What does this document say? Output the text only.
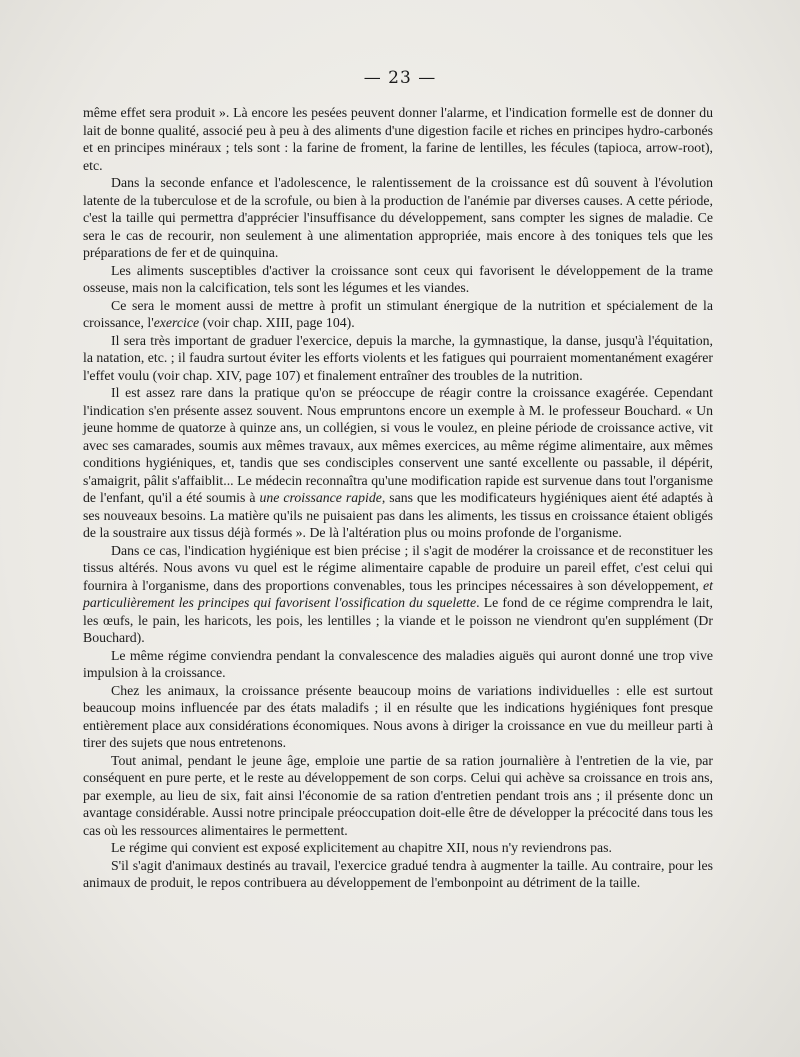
— 23 —

même effet sera produit ». Là encore les pesées peuvent donner l'alarme, et l'indication formelle est de donner du lait de bonne qualité, associé peu à peu à des aliments d'une digestion facile et riches en principes hydro-carbonés et en principes minéraux ; tels sont : la farine de froment, la farine de lentilles, les fécules (tapioca, arrow-root), etc.

Dans la seconde enfance et l'adolescence, le ralentissement de la croissance est dû souvent à l'évolution latente de la tuberculose et de la scrofule, ou bien à la production de l'anémie par diverses causes. A cette période, c'est la taille qui permettra d'apprécier l'insuffisance du développement, sans compter les signes de maladie. Ce sera le cas de recourir, non seulement à une alimentation appropriée, mais encore à des toniques tels que les préparations de fer et de quinquina.

Les aliments susceptibles d'activer la croissance sont ceux qui favorisent le développement de la trame osseuse, mais non la calcification, tels sont les légumes et les viandes.

Ce sera le moment aussi de mettre à profit un stimulant énergique de la nutrition et spécialement de la croissance, l'exercice (voir chap. XIII, page 104).

Il sera très important de graduer l'exercice, depuis la marche, la gymnastique, la danse, jusqu'à l'équitation, la natation, etc. ; il faudra surtout éviter les efforts violents et les fatigues qui pourraient momentanément exagérer l'effet voulu (voir chap. XIV, page 107) et finalement entraîner des troubles de la nutrition.

Il est assez rare dans la pratique qu'on se préoccupe de réagir contre la croissance exagérée. Cependant l'indication s'en présente assez souvent. Nous empruntons encore un exemple à M. le professeur Bouchard. « Un jeune homme de quatorze à quinze ans, un collégien, si vous le voulez, en pleine période de croissance active, vit avec ses camarades, soumis aux mêmes travaux, aux mêmes exercices, au même régime alimentaire, aux mêmes conditions hygiéniques, et, tandis que ses condisciples conservent une santé excellente ou passable, il dépérit, s'amaigrit, pâlit s'affaiblit... Le médecin reconnaîtra qu'une modification rapide est survenue dans tout l'organisme de l'enfant, qu'il a été soumis à une croissance rapide, sans que les modificateurs hygiéniques aient été adaptés à ses nouveaux besoins. La matière qu'ils ne puisaient pas dans les aliments, les tissus en croissance étaient obligés de la soustraire aux tissus déjà formés ». De là l'altération plus ou moins profonde de l'organisme.

Dans ce cas, l'indication hygiénique est bien précise ; il s'agit de modérer la croissance et de reconstituer les tissus altérés. Nous avons vu quel est le régime alimentaire capable de produire un pareil effet, c'est celui qui fournira à l'organisme, dans des proportions convenables, tous les principes nécessaires à son développement, et particulièrement les principes qui favorisent l'ossification du squelette. Le fond de ce régime comprendra le lait, les œufs, le pain, les haricots, les pois, les lentilles ; la viande et le poisson ne viendront qu'en supplément (Dr Bouchard).

Le même régime conviendra pendant la convalescence des maladies aiguës qui auront donné une trop vive impulsion à la croissance.

Chez les animaux, la croissance présente beaucoup moins de variations individuelles : elle est surtout beaucoup moins influencée par des états maladifs ; il en résulte que les indications hygiéniques font presque entièrement place aux considérations économiques. Nous avons à diriger la croissance en vue du meilleur parti à tirer des sujets que nous entretenons.

Tout animal, pendant le jeune âge, emploie une partie de sa ration journalière à l'entretien de la vie, par conséquent en pure perte, et le reste au développement de son corps. Celui qui achève sa croissance en trois ans, par exemple, au lieu de six, fait ainsi l'économie de sa ration d'entretien pendant trois ans ; il présente donc un avantage considérable. Aussi notre principale préoccupation doit-elle être de développer la précocité dans tous les cas où les ressources alimentaires le permettent.

Le régime qui convient est exposé explicitement au chapitre XII, nous n'y reviendrons pas.

S'il s'agit d'animaux destinés au travail, l'exercice gradué tendra à augmenter la taille. Au contraire, pour les animaux de produit, le repos contribuera au développement de l'embonpoint au détriment de la taille.
